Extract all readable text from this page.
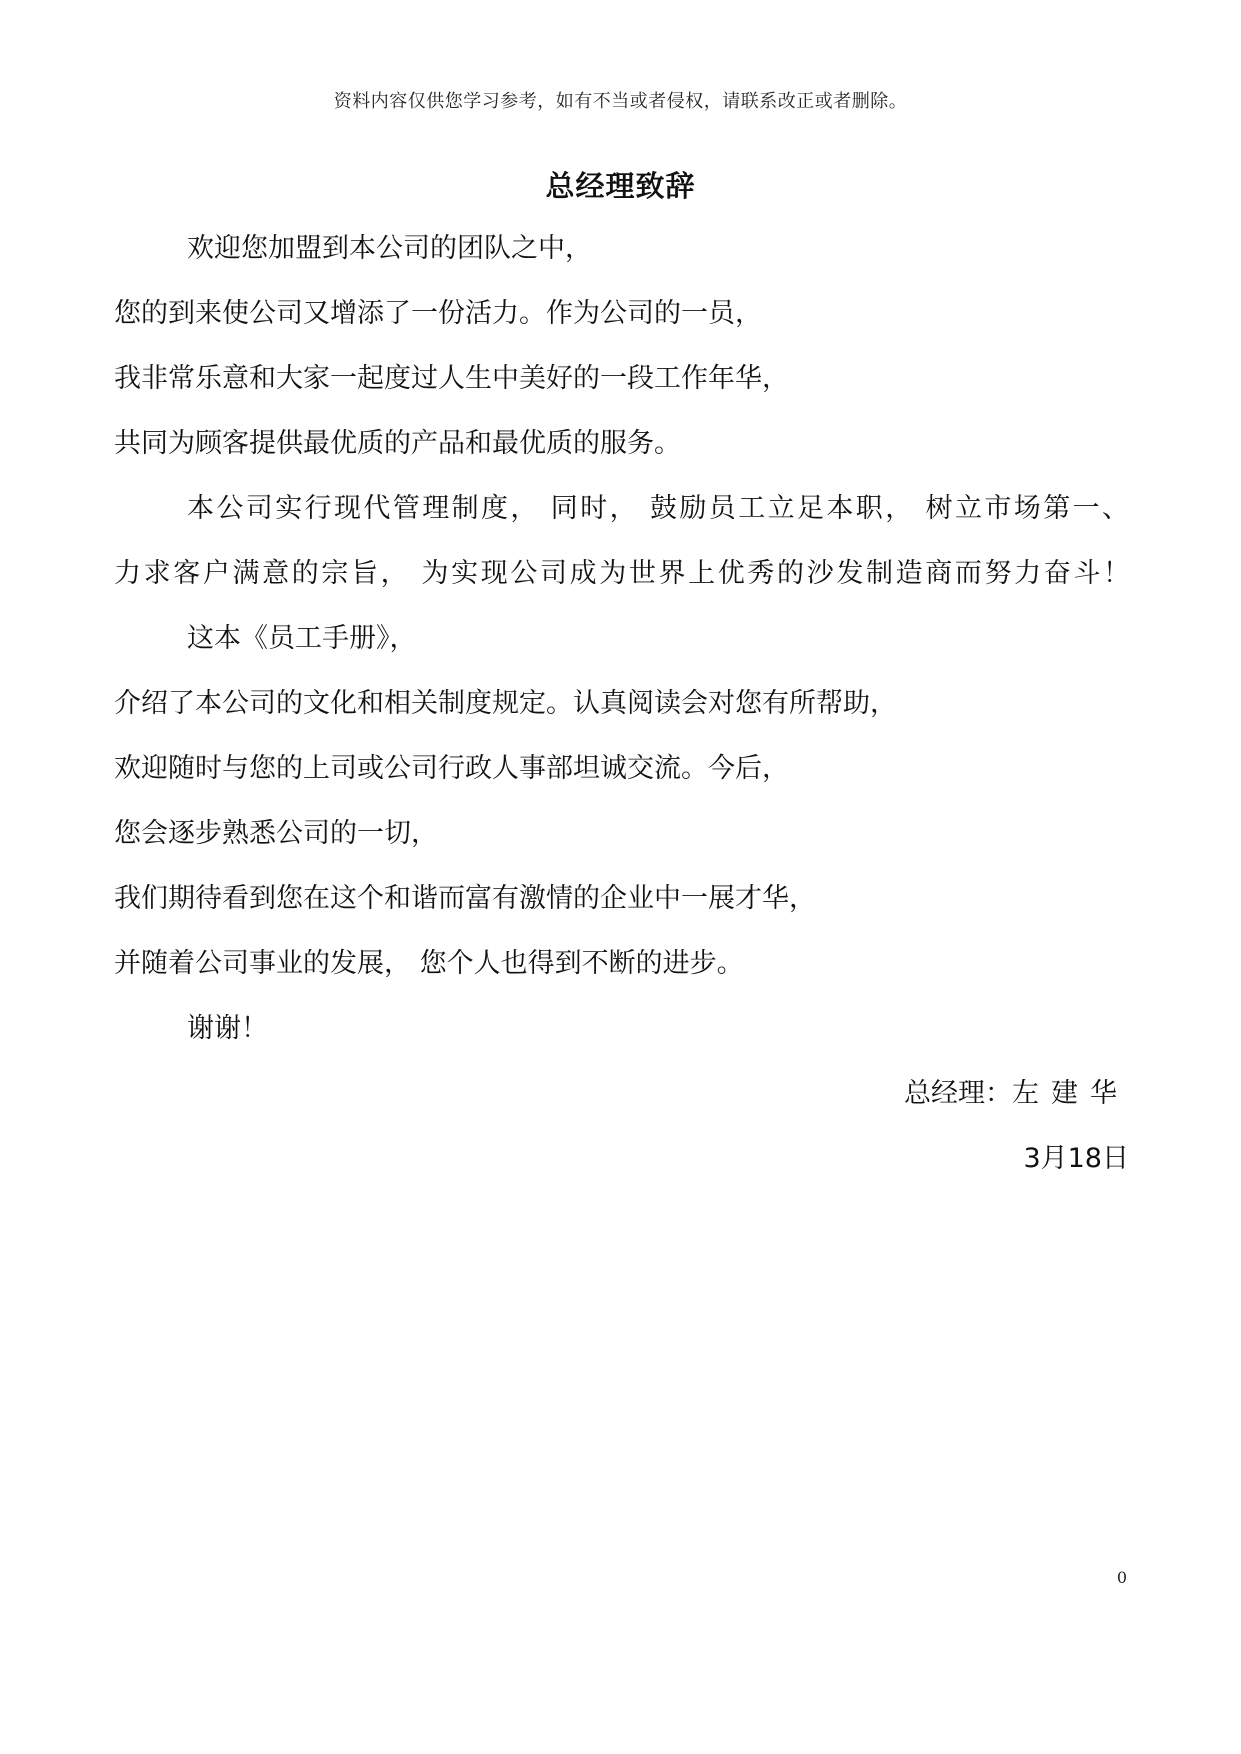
资料内容仅供您学习参考，如有不当或者侵权，请联系改正或者删除。
总经理致辞
欢迎您加盟到本公司的团队之中，
您的到来使公司又增添了一份活力。作为公司的一员，
我非常乐意和大家一起度过人生中美好的一段工作年华，
共同为顾客提供最优质的产品和最优质的服务。
本公司实行现代管理制度， 同时， 鼓励员工立足本职， 树立市场第一、
力求客户满意的宗旨， 为实现公司成为世界上优秀的沙发制造商而努力奋斗！
这本《员工手册》，
介绍了本公司的文化和相关制度规定。认真阅读会对您有所帮助，
欢迎随时与您的上司或公司行政人事部坦诚交流。今后，
您会逐步熟悉公司的一切，
我们期待看到您在这个和谐而富有激情的企业中一展才华，
并随着公司事业的发展， 您个人也得到不断的进步。
谢谢！
总经理：左建华
3月18日
0
